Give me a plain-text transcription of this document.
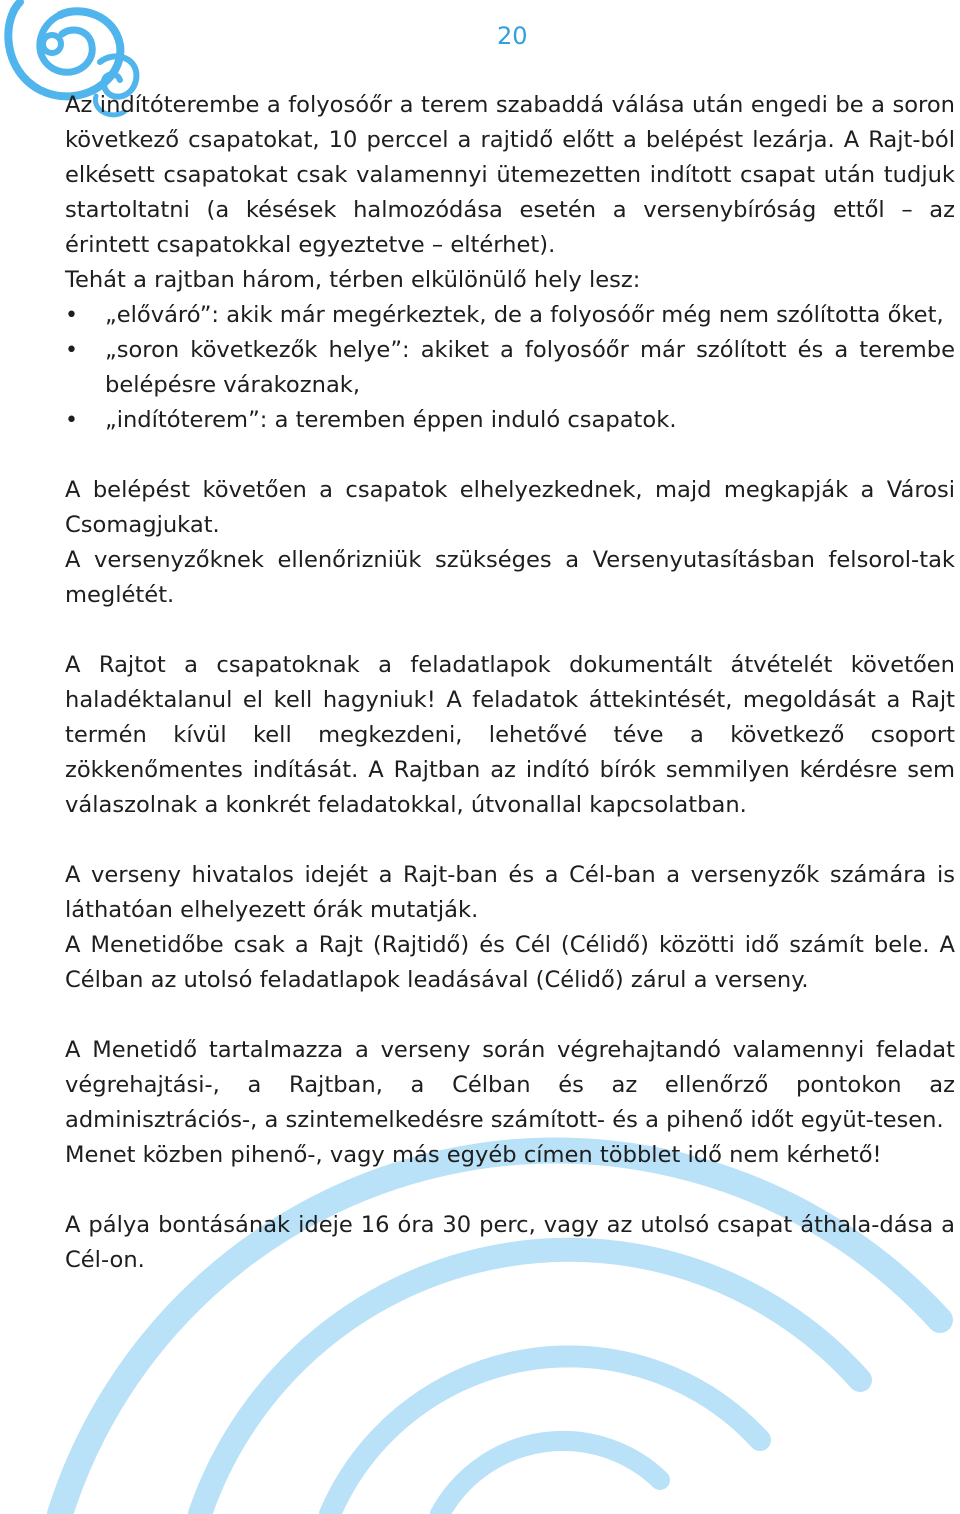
20

Az indítóterembe a folyosóőr a terem szabaddá válása után engedi be a soron következő csapatokat, 10 perccel a rajtidő előtt a belépést lezárja. A Rajt-ból elkésett csapatokat csak valamennyi ütemezetten indított csapat után tudjuk startoltatni (a késések halmozódása esetén a versenybíróság ettől – az érintett csapatokkal egyeztetve – eltérhet).

Tehát a rajtban három, térben elkülönülő hely lesz:

• „előváró”: akik már megérkeztek, de a folyosóőr még nem szólította őket,
• „soron következők helye”: akiket a folyosóőr már szólított és a terembe belépésre várakoznak,
• „indítóterem”: a teremben éppen induló csapatok.

A belépést követően a csapatok elhelyezkednek, majd megkapják a Városi Csomagjukat.

A versenyzőknek ellenőrizniük szükséges a Versenyutasításban felsorol-tak meglétét.

A Rajtot a csapatoknak a feladatlapok dokumentált átvételét követően haladéktalanul el kell hagyniuk! A feladatok áttekintését, megoldását a Rajt termén kívül kell megkezdeni, lehetővé téve a következő csoport zökkenőmentes indítását. A Rajtban az indító bírók semmilyen kérdésre sem válaszolnak a konkrét feladatokkal, útvonallal kapcsolatban.

A verseny hivatalos idejét a Rajt-ban és a Cél-ban a versenyzők számára is láthatóan elhelyezett órák mutatják.

A Menetidőbe csak a Rajt (Rajtidő) és Cél (Célidő) közötti idő számít bele. A Célban az utolsó feladatlapok leadásával (Célidő) zárul a verseny.

A Menetidő tartalmazza a verseny során végrehajtandó valamennyi feladat végrehajtási-, a Rajtban, a Célban és az ellenőrző pontokon az adminisztrációs-, a szintemelkedésre számított- és a pihenő időt együt-tesen.

Menet közben pihenő-, vagy más egyéb címen többlet idő nem kérhető!

A pálya bontásának ideje 16 óra 30 perc, vagy az utolsó csapat áthala-dása a Cél-on.
